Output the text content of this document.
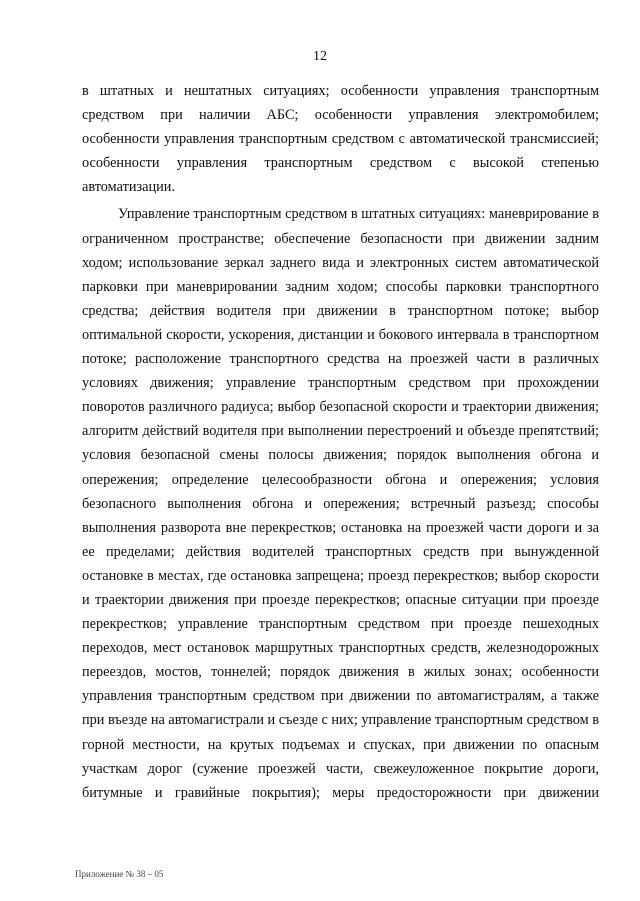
12

в штатных и нештатных ситуациях; особенности управления транспортным средством при наличии АБС; особенности управления электромобилем; особенности управления транспортным средством с автоматической трансмиссией; особенности управления транспортным средством с высокой степенью автоматизации.

Управление транспортным средством в штатных ситуациях: маневрирование в ограниченном пространстве; обеспечение безопасности при движении задним ходом; использование зеркал заднего вида и электронных систем автоматической парковки при маневрировании задним ходом; способы парковки транспортного средства; действия водителя при движении в транспортном потоке; выбор оптимальной скорости, ускорения, дистанции и бокового интервала в транспортном потоке; расположение транспортного средства на проезжей части в различных условиях движения; управление транспортным средством при прохождении поворотов различного радиуса; выбор безопасной скорости и траектории движения; алгоритм действий водителя при выполнении перестроений и объезде препятствий; условия безопасной смены полосы движения; порядок выполнения обгона и опережения; определение целесообразности обгона и опережения; условия безопасного выполнения обгона и опережения; встречный разъезд; способы выполнения разворота вне перекрестков; остановка на проезжей части дороги и за ее пределами; действия водителей транспортных средств при вынужденной остановке в местах, где остановка запрещена; проезд перекрестков; выбор скорости и траектории движения при проезде перекрестков; опасные ситуации при проезде перекрестков; управление транспортным средством при проезде пешеходных переходов, мест остановок маршрутных транспортных средств, железнодорожных переездов, мостов, тоннелей; порядок движения в жилых зонах; особенности управления транспортным средством при движении по автомагистралям, а также при въезде на автомагистрали и съезде с них; управление транспортным средством в горной местности, на крутых подъемах и спусках, при движении по опасным участкам дорог (сужение проезжей части, свежеуложенное покрытие дороги, битумные и гравийные покрытия); меры предосторожности при движении

Приложение № 38 – 05
